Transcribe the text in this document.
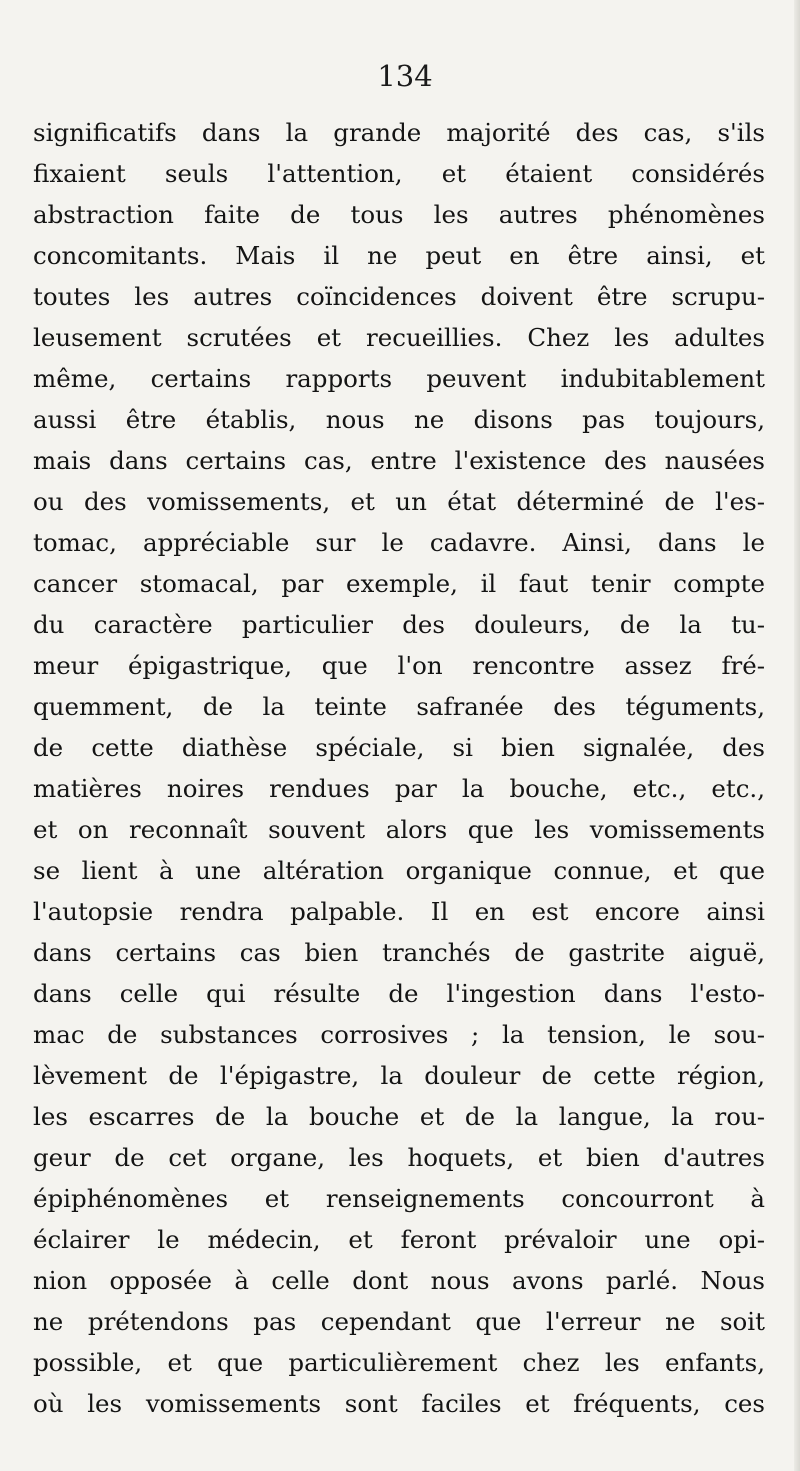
134
significatifs dans la grande majorité des cas, s'ils
fixaient seuls l'attention, et étaient considérés
abstraction faite de tous les autres phénomènes
concomitants. Mais il ne peut en être ainsi, et
toutes les autres coïncidences doivent être scrupu-
leusement scrutées et recueillies. Chez les adultes
même, certains rapports peuvent indubitablement
aussi être établis, nous ne disons pas toujours,
mais dans certains cas, entre l'existence des nausées
ou des vomissements, et un état déterminé de l'es-
tomac, appréciable sur le cadavre. Ainsi, dans le
cancer stomacal, par exemple, il faut tenir compte
du caractère particulier des douleurs, de la tu-
meur épigastrique, que l'on rencontre assez fré-
quemment, de la teinte safranée des téguments,
de cette diathèse spéciale, si bien signalée, des
matières noires rendues par la bouche, etc., etc.,
et on reconnaît souvent alors que les vomissements
se lient à une altération organique connue, et que
l'autopsie rendra palpable. Il en est encore ainsi
dans certains cas bien tranchés de gastrite aiguë,
dans celle qui résulte de l'ingestion dans l'esto-
mac de substances corrosives ; la tension, le sou-
lèvement de l'épigastre, la douleur de cette région,
les escarres de la bouche et de la langue, la rou-
geur de cet organe, les hoquets, et bien d'autres
épiphénomènes et renseignements concourront à
éclairer le médecin, et feront prévaloir une opi-
nion opposée à celle dont nous avons parlé. Nous
ne prétendons pas cependant que l'erreur ne soit
possible, et que particulièrement chez les enfants,
où les vomissements sont faciles et fréquents, ces
